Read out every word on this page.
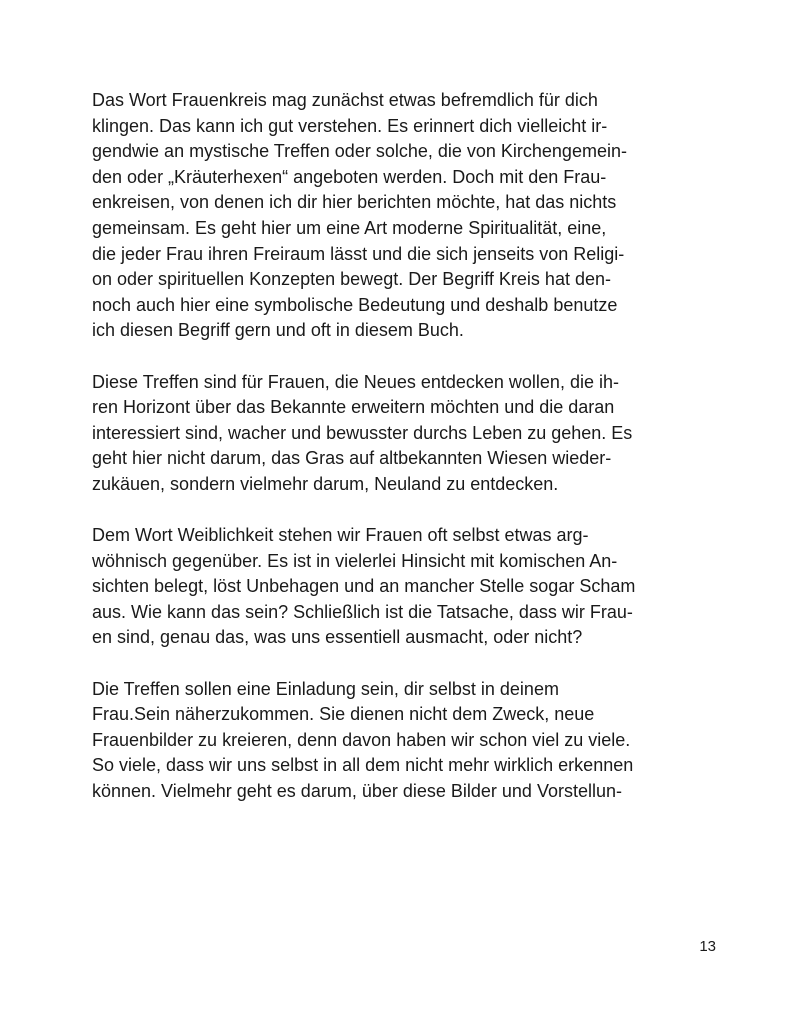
Das Wort Frauenkreis mag zunächst etwas befremdlich für dich
klingen. Das kann ich gut verstehen. Es erinnert dich vielleicht ir-
gendwie an mystische Treffen oder solche, die von Kirchengemein-
den oder „Kräuterhexen“ angeboten werden. Doch mit den Frau-
enkreisen, von denen ich dir hier berichten möchte, hat das nichts
gemeinsam. Es geht hier um eine Art moderne Spiritualität, eine,
die jeder Frau ihren Freiraum lässt und die sich jenseits von Religi-
on oder spirituellen Konzepten bewegt. Der Begriff Kreis hat den-
noch auch hier eine symbolische Bedeutung und deshalb benutze
ich diesen Begriff gern und oft in diesem Buch.

Diese Treffen sind für Frauen, die Neues entdecken wollen, die ih-
ren Horizont über das Bekannte erweitern möchten und die daran
interessiert sind, wacher und bewusster durchs Leben zu gehen. Es
geht hier nicht darum, das Gras auf altbekannten Wiesen wieder-
zukäuen, sondern vielmehr darum, Neuland zu entdecken.

Dem Wort Weiblichkeit stehen wir Frauen oft selbst etwas arg-
wöhnisch gegenüber. Es ist in vielerlei Hinsicht mit komischen An-
sichten belegt, löst Unbehagen und an mancher Stelle sogar Scham
aus. Wie kann das sein? Schließlich ist die Tatsache, dass wir Frau-
en sind, genau das, was uns essentiell ausmacht, oder nicht?

Die Treffen sollen eine Einladung sein, dir selbst in deinem
Frau.Sein näherzukommen. Sie dienen nicht dem Zweck, neue
Frauenbilder zu kreieren, denn davon haben wir schon viel zu viele.
So viele, dass wir uns selbst in all dem nicht mehr wirklich erkennen
können. Vielmehr geht es darum, über diese Bilder und Vorstellun-

13
